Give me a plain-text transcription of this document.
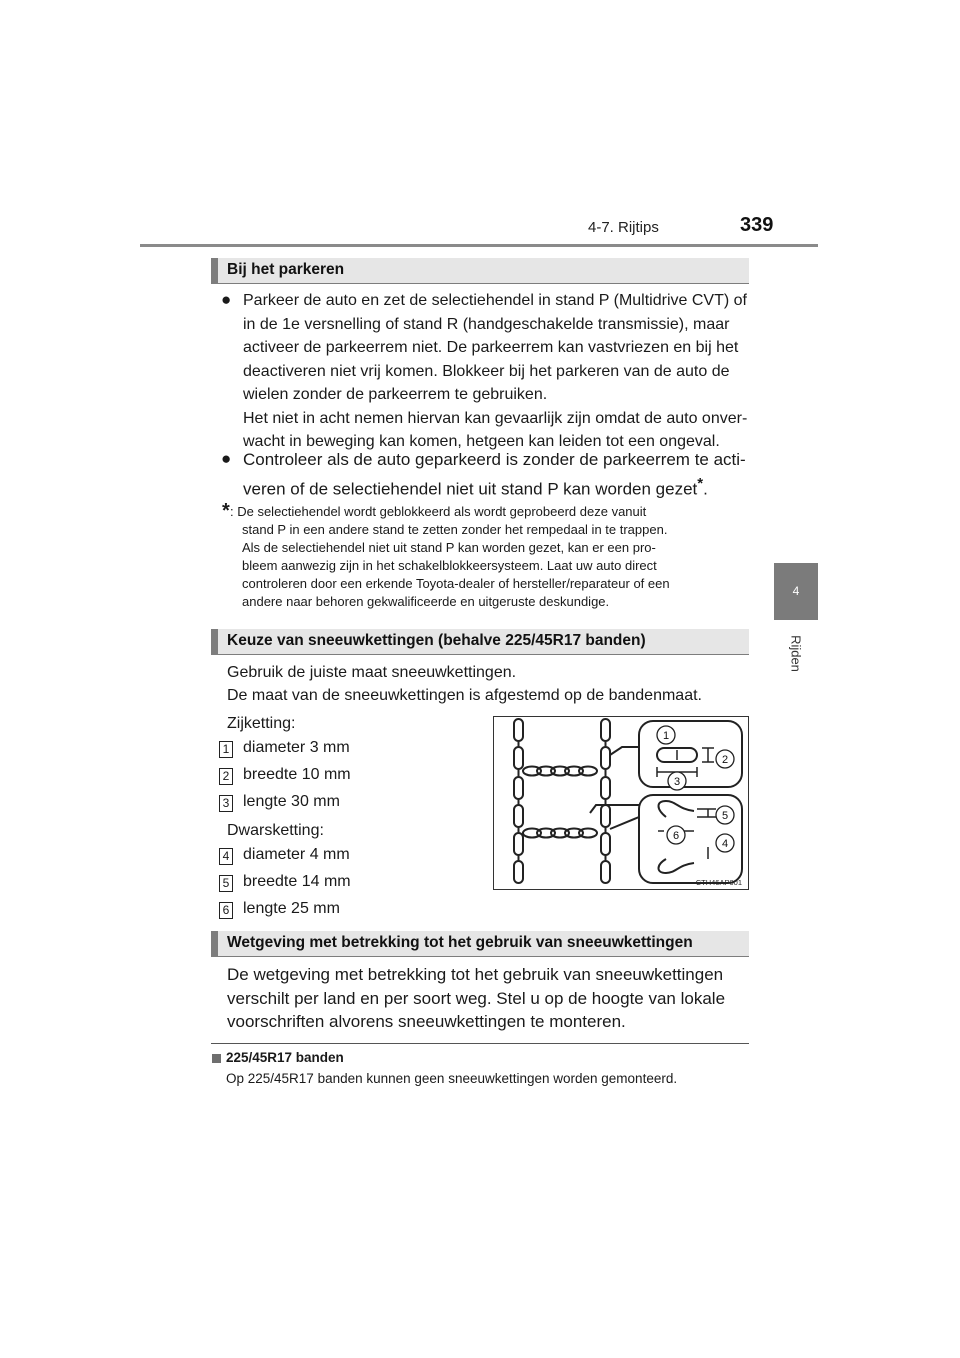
4-7. Rijtips	339
4
Rijden
Bij het parkeren
● Parkeer de auto en zet de selectiehendel in stand P (Multidrive CVT) of
in de 1e versnelling of stand R (handgeschakelde transmissie), maar
activeer de parkeerrem niet. De parkeerrem kan vastvriezen en bij het
deactiveren niet vrij komen. Blokkeer bij het parkeren van de auto de
wielen zonder de parkeerrem te gebruiken.
Het niet in acht nemen hiervan kan gevaarlijk zijn omdat de auto onver-
wacht in beweging kan komen, hetgeen kan leiden tot een ongeval.
● Controleer als de auto geparkeerd is zonder de parkeerrem te acti-
veren of de selectiehendel niet uit stand P kan worden gezet*.
* : De selectiehendel wordt geblokkeerd als wordt geprobeerd deze vanuit
stand P in een andere stand te zetten zonder het rempedaal in te trappen.
Als de selectiehendel niet uit stand P kan worden gezet, kan er een pro-
bleem aanwezig zijn in het schakelblokkeersysteem. Laat uw auto direct
controleren door een erkende Toyota-dealer of hersteller/reparateur of een
andere naar behoren gekwalificeerde en uitgeruste deskundige.
Keuze van sneeuwkettingen (behalve 225/45R17 banden)
Gebruik de juiste maat sneeuwkettingen.
De maat van de sneeuwkettingen is afgestemd op de bandenmaat.
Zijketting:
1 diameter 3 mm
2 breedte 10 mm
3 lengte 30 mm
Dwarsketting:
4 diameter 4 mm
5 breedte 14 mm
6 lengte 25 mm
1
2
3
4
5
6
CTH46AP001
Wetgeving met betrekking tot het gebruik van sneeuwkettingen
De wetgeving met betrekking tot het gebruik van sneeuwkettingen
verschilt per land en per soort weg. Stel u op de hoogte van lokale
voorschriften alvorens sneeuwkettingen te monteren.
225/45R17 banden
Op 225/45R17 banden kunnen geen sneeuwkettingen worden gemonteerd.
